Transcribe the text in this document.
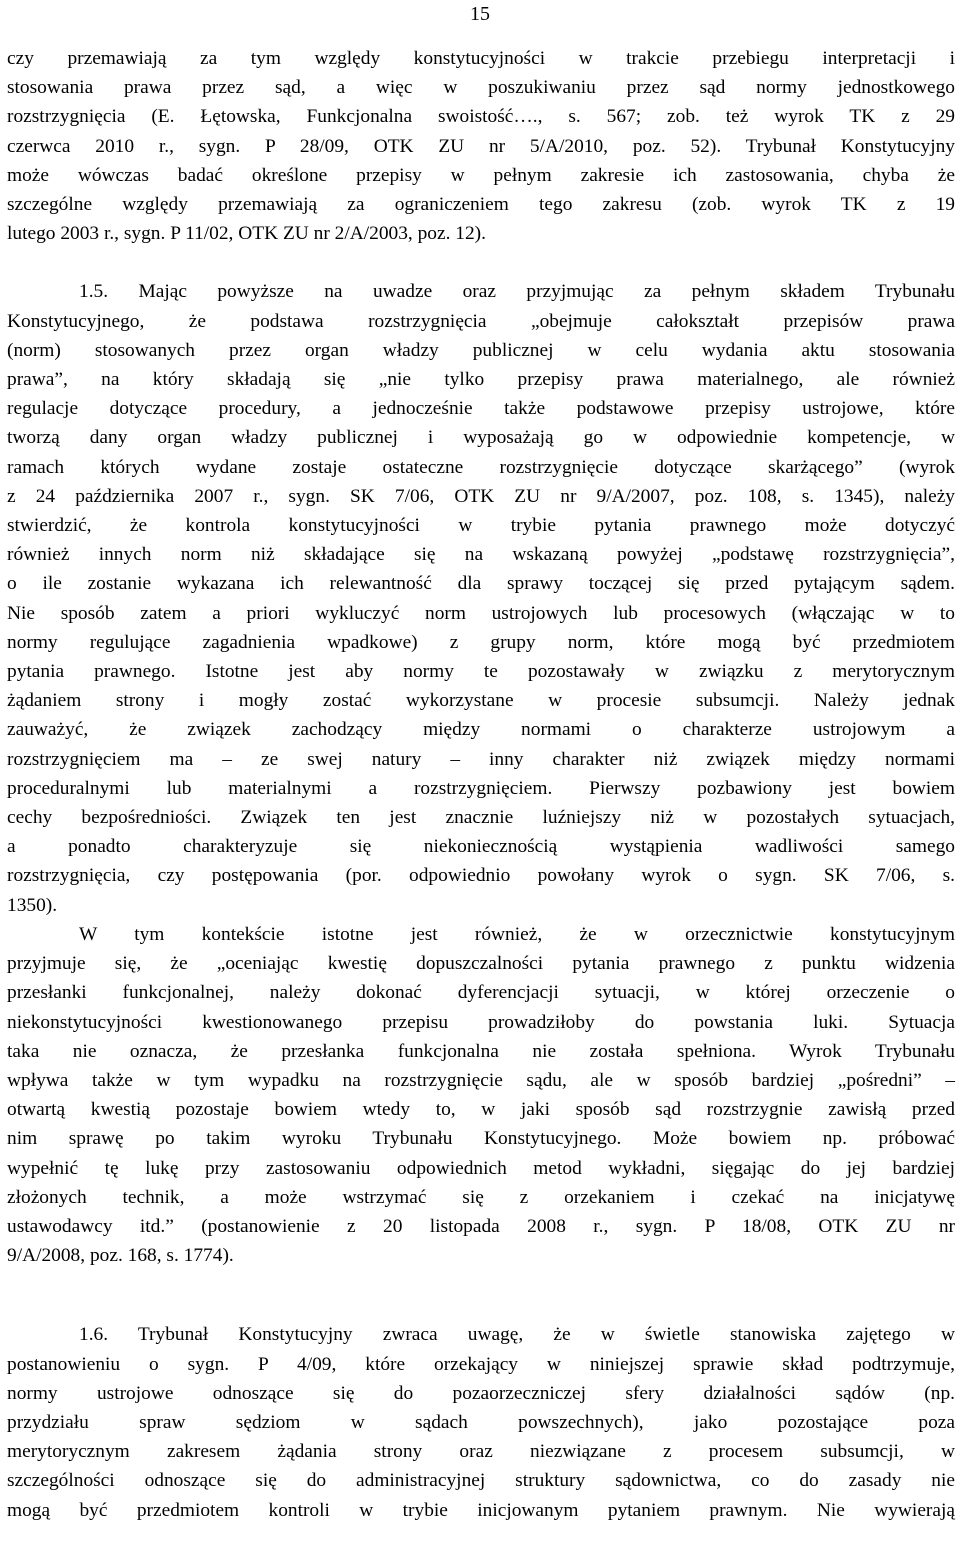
15

czy przemawiają za tym względy konstytucyjności w trakcie przebiegu interpretacji i
stosowania prawa przez sąd, a więc w poszukiwaniu przez sąd normy jednostkowego
rozstrzygnięcia (E. Łętowska, Funkcjonalna swoistość…., s. 567; zob. też wyrok TK z 29
czerwca 2010 r., sygn. P 28/09, OTK ZU nr 5/A/2010, poz. 52). Trybunał Konstytucyjny
może wówczas badać określone przepisy w pełnym zakresie ich zastosowania, chyba że
szczególne względy przemawiają za ograniczeniem tego zakresu (zob. wyrok TK z 19
lutego 2003 r., sygn. P 11/02, OTK ZU nr 2/A/2003, poz. 12).

1.5. Mając powyższe na uwadze oraz przyjmując za pełnym składem Trybunału
Konstytucyjnego, że podstawa rozstrzygnięcia „obejmuje całokształt przepisów prawa
(norm) stosowanych przez organ władzy publicznej w celu wydania aktu stosowania
prawa”, na który składają się „nie tylko przepisy prawa materialnego, ale również
regulacje dotyczące procedury, a jednocześnie także podstawowe przepisy ustrojowe, które
tworzą dany organ władzy publicznej i wyposażają go w odpowiednie kompetencje, w
ramach których wydane zostaje ostateczne rozstrzygnięcie dotyczące skarżącego” (wyrok
z 24 października 2007 r., sygn. SK 7/06, OTK ZU nr 9/A/2007, poz. 108, s. 1345), należy
stwierdzić, że kontrola konstytucyjności w trybie pytania prawnego może dotyczyć
również innych norm niż składające się na wskazaną powyżej „podstawę rozstrzygnięcia”,
o ile zostanie wykazana ich relewantność dla sprawy toczącej się przed pytającym sądem.
Nie sposób zatem a priori wykluczyć norm ustrojowych lub procesowych (włączając w to
normy regulujące zagadnienia wpadkowe) z grupy norm, które mogą być przedmiotem
pytania prawnego. Istotne jest aby normy te pozostawały w związku z merytorycznym
żądaniem strony i mogły zostać wykorzystane w procesie subsumcji. Należy jednak
zauważyć, że związek zachodzący między normami o charakterze ustrojowym a
rozstrzygnięciem ma – ze swej natury – inny charakter niż związek między normami
proceduralnymi lub materialnymi a rozstrzygnięciem. Pierwszy pozbawiony jest bowiem
cechy bezpośredniości. Związek ten jest znacznie luźniejszy niż w pozostałych sytuacjach,
a ponadto charakteryzuje się niekoniecznością wystąpienia wadliwości samego
rozstrzygnięcia, czy postępowania (por. odpowiednio powołany wyrok o sygn. SK 7/06, s.
1350).

W tym kontekście istotne jest również, że w orzecznictwie konstytucyjnym
przyjmuje się, że „oceniając kwestię dopuszczalności pytania prawnego z punktu widzenia
przesłanki funkcjonalnej, należy dokonać dyferencjacji sytuacji, w której orzeczenie o
niekonstytucyjności kwestionowanego przepisu prowadziłoby do powstania luki. Sytuacja
taka nie oznacza, że przesłanka funkcjonalna nie została spełniona. Wyrok Trybunału
wpływa także w tym wypadku na rozstrzygnięcie sądu, ale w sposób bardziej „pośredni” –
otwartą kwestią pozostaje bowiem wtedy to, w jaki sposób sąd rozstrzygnie zawisłą przed
nim sprawę po takim wyroku Trybunału Konstytucyjnego. Może bowiem np. próbować
wypełnić tę lukę przy zastosowaniu odpowiednich metod wykładni, sięgając do jej bardziej
złożonych technik, a może wstrzymać się z orzekaniem i czekać na inicjatywę
ustawodawcy itd.” (postanowienie z 20 listopada 2008 r., sygn. P 18/08, OTK ZU nr
9/A/2008, poz. 168, s. 1774).

1.6. Trybunał Konstytucyjny zwraca uwagę, że w świetle stanowiska zajętego w
postanowieniu o sygn. P 4/09, które orzekający w niniejszej sprawie skład podtrzymuje,
normy ustrojowe odnoszące się do pozaorzeczniczej sfery działalności sądów (np.
przydziału spraw sędziom w sądach powszechnych), jako pozostające poza
merytorycznym zakresem żądania strony oraz niezwiązane z procesem subsumcji, w
szczególności odnoszące się do administracyjnej struktury sądownictwa, co do zasady nie
mogą być przedmiotem kontroli w trybie inicjowanym pytaniem prawnym. Nie wywierają
